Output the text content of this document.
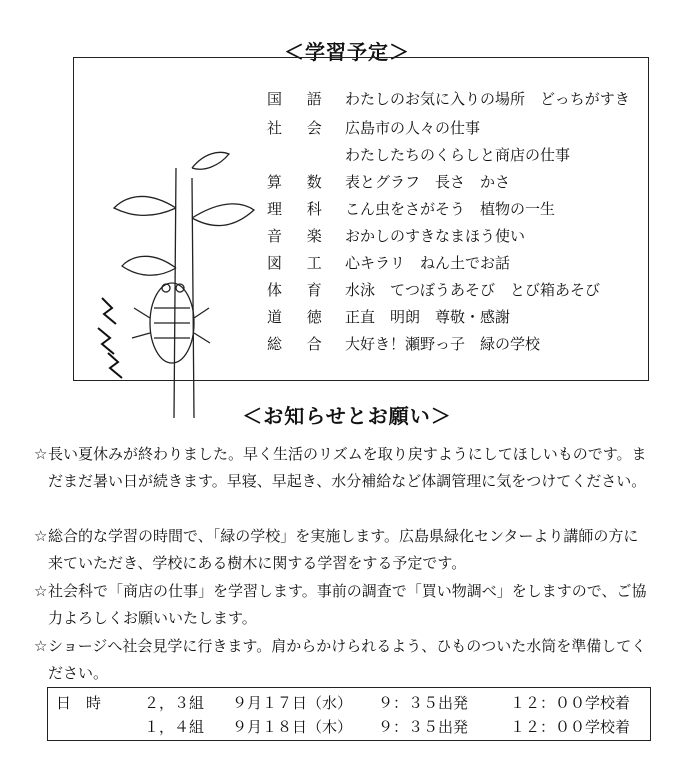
＜学習予定＞
国 語 わたしのお気に入りの場所　どっちがすき
社 会 広島市の人々の仕事
わたしたちのくらしと商店の仕事
算 数 表とグラフ　長さ　かさ
理 科 こん虫をさがそう　植物の一生
音 楽 おかしのすきなまほう使い
図 工 心キラリ　ねん土でお話
体 育 水泳　てつぼうあそび　とび箱あそび
道 徳 正直　明朗　尊敬・感謝
総 合 大好き！瀬野っ子　緑の学校
＜お知らせとお願い＞
☆ 長い夏休みが終わりました。早く生活のリズムを取り戻すようにしてほしいものです。まだまだ暑い日が続きます。早寝、早起き、水分補給など体調管理に気をつけてください。
☆ 総合的な学習の時間で、「緑の学校」を実施します。広島県緑化センターより講師の方に来ていただき、学校にある樹木に関する学習をする予定です。
☆ 社会科で「商店の仕事」を学習します。事前の調査で「買い物調べ」をしますので、ご協力よろしくお願いいたします。
☆ ショージへ社会見学に行きます。肩からかけられるよう、ひものついた水筒を準備してください。
日　時	２，３組 ９月１７日（水） ９：３５出発	１２：００学校着
１，４組 ９月１８日（木） ９：３５出発	１２：００学校着
